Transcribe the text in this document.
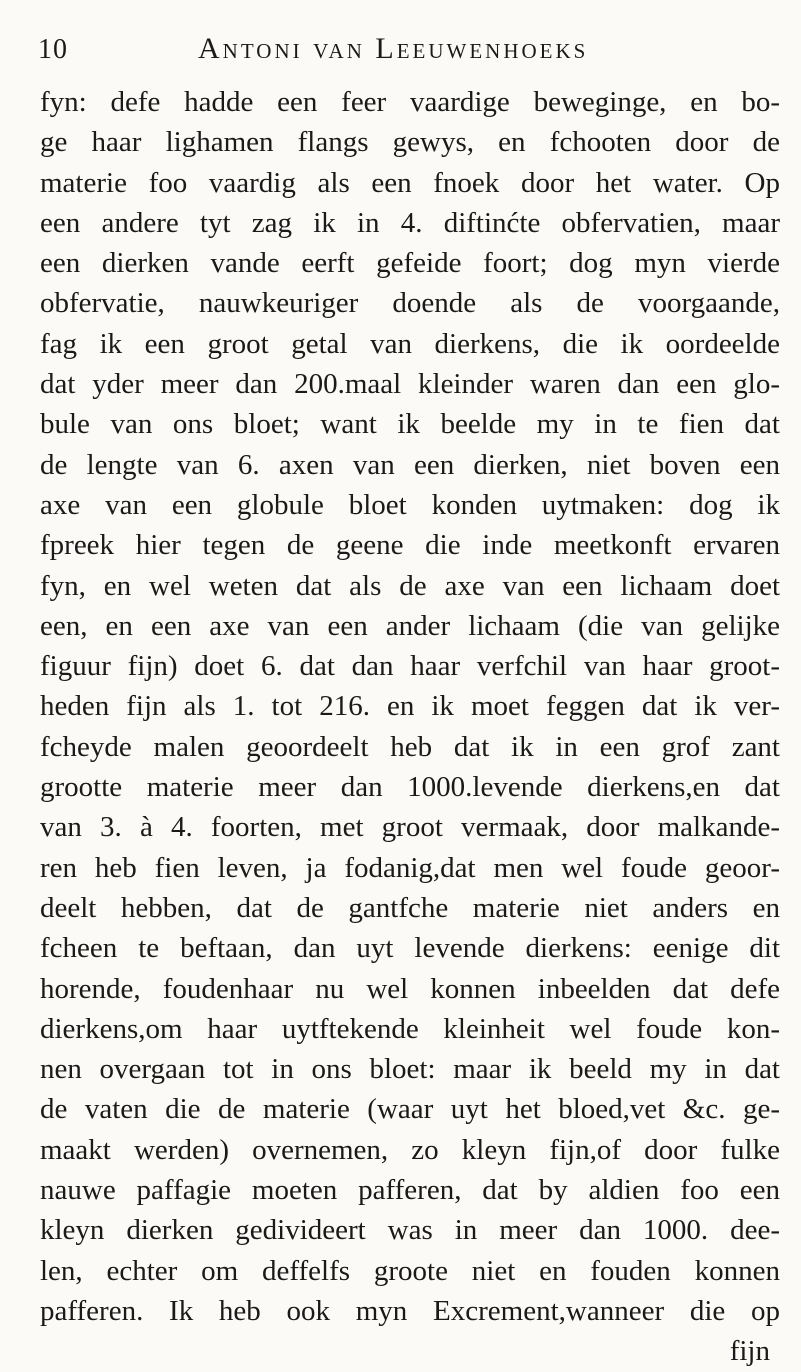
10	Antoni van Leeuwenhoeks
fyn: defe hadde een feer vaardige beweginge, en bo-
ge haar lighamen flangs gewys, en fchooten door de
materie foo vaardig als een fnoek door het water. Op
een andere tyt zag ik in 4. diftinćte obfervatien, maar
een dierken vande eerft gefeide foort; dog myn vierde
obfervatie, nauwkeuriger doende als de voorgaande,
fag ik een groot getal van dierkens, die ik oordeelde
dat yder meer dan 200.maal kleinder waren dan een glo-
bule van ons bloet; want ik beelde my in te fien dat
de lengte van 6. axen van een dierken, niet boven een
axe van een globule bloet konden uytmaken: dog ik
fpreek hier tegen de geene die inde meetkonft ervaren
fyn, en wel weten dat als de axe van een lichaam doet
een, en een axe van een ander lichaam (die van gelijke
figuur fijn) doet 6. dat dan haar verfchil van haar groot-
heden fijn als 1. tot 216. en ik moet feggen dat ik ver-
fcheyde malen geoordeelt heb dat ik in een grof zant
grootte materie meer dan 1000.levende dierkens,en dat
van 3. à 4. foorten, met groot vermaak, door malkande-
ren heb fien leven, ja fodanig,dat men wel foude geoor-
deelt hebben, dat de gantfche materie niet anders en
fcheen te beftaan, dan uyt levende dierkens: eenige dit
horende, foudenhaar nu wel konnen inbeelden dat defe
dierkens,om haar uytftekende kleinheit wel foude kon-
nen overgaan tot in ons bloet: maar ik beeld my in dat
de vaten die de materie (waar uyt het bloed,vet &c. ge-
maakt werden) overnemen, zo kleyn fijn,of door fulke
nauwe paffagie moeten pafferen, dat by aldien foo een
kleyn dierken gedivideert was in meer dan 1000. dee-
len, echter om deffelfs groote niet en fouden konnen
pafferen. Ik heb ook myn Excrement,wanneer die op
fijn
